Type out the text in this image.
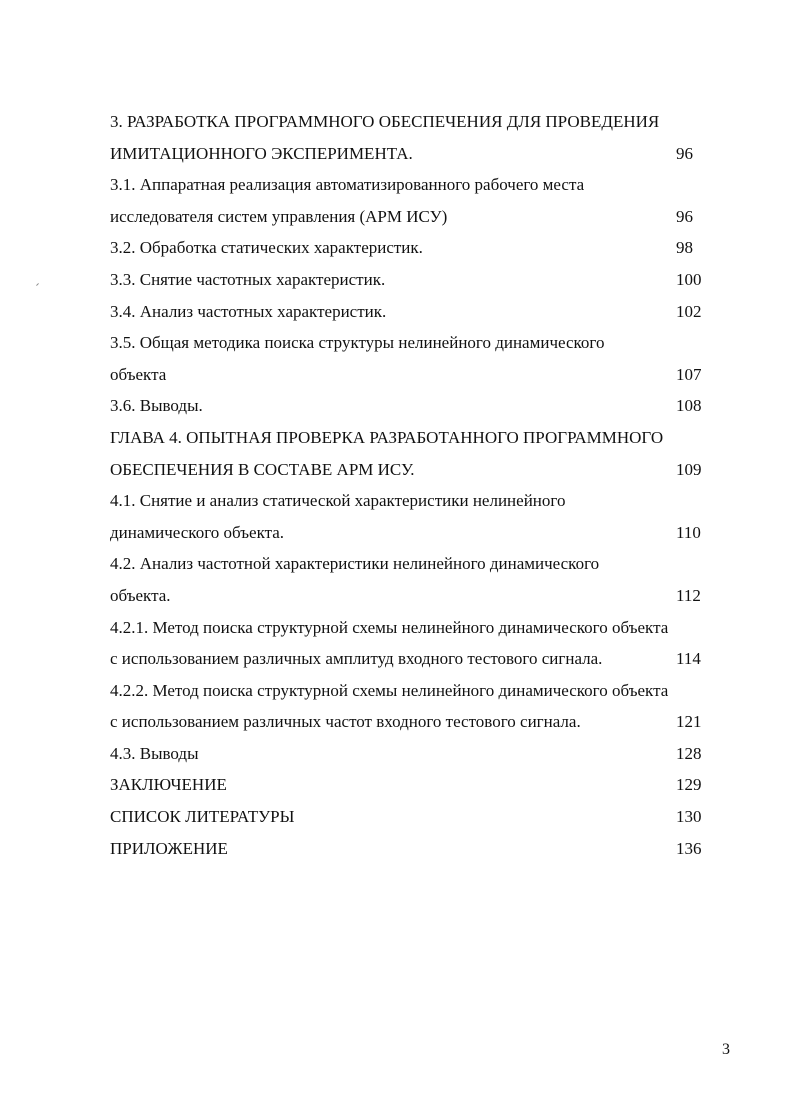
3. РАЗРАБОТКА ПРОГРАММНОГО ОБЕСПЕЧЕНИЯ ДЛЯ ПРОВЕДЕНИЯ
ИМИТАЦИОННОГО ЭКСПЕРИМЕНТА.	96
3.1. Аппаратная реализация автоматизированного рабочего места
исследователя систем управления (АРМ ИСУ)	96
3.2. Обработка статических характеристик.	98
3.3. Снятие частотных характеристик.	100
3.4. Анализ частотных характеристик.	102
3.5. Общая методика поиска структуры нелинейного динамического
объекта	107
3.6. Выводы.	108
ГЛАВА 4. ОПЫТНАЯ ПРОВЕРКА РАЗРАБОТАННОГО ПРОГРАММНОГО
ОБЕСПЕЧЕНИЯ В СОСТАВЕ АРМ ИСУ.	109
4.1. Снятие и анализ статической характеристики нелинейного
динамического объекта.	110
4.2. Анализ частотной характеристики нелинейного динамического
объекта.	112
4.2.1. Метод поиска структурной схемы нелинейного динамического объекта
с использованием различных амплитуд входного тестового сигнала.	114
4.2.2. Метод поиска структурной схемы нелинейного динамического объекта
с использованием различных частот входного тестового сигнала.	121
4.3. Выводы	128
ЗАКЛЮЧЕНИЕ	129
СПИСОК ЛИТЕРАТУРЫ	130
ПРИЛОЖЕНИЕ	136
3
